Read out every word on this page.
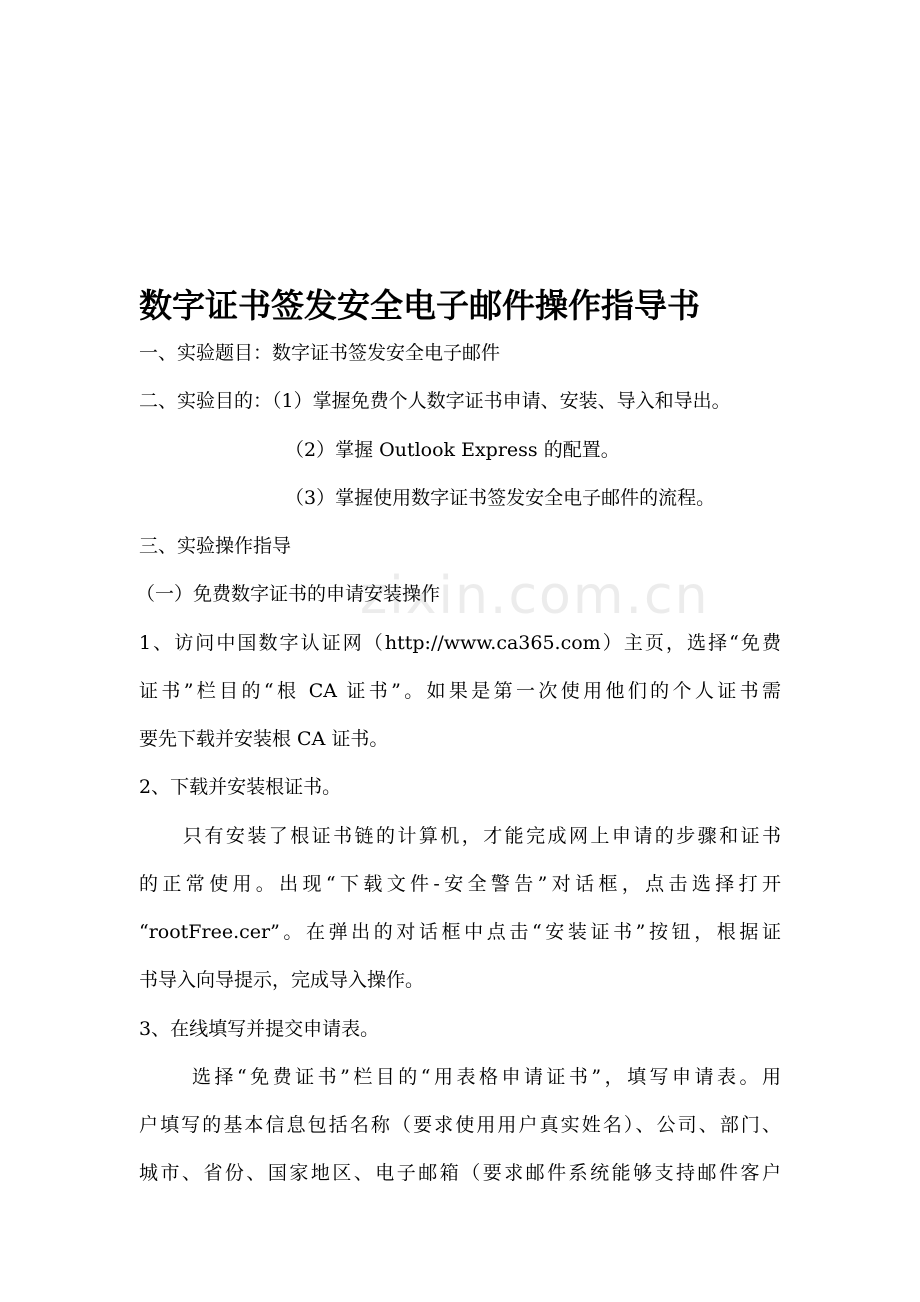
zixin.com.cn
数字证书签发安全电子邮件操作指导书
一、实验题目：数字证书签发安全电子邮件
二、实验目的：（1）掌握免费个人数字证书申请、安装、导入和导出。
（2）掌握 Outlook Express 的配置。
（3）掌握使用数字证书签发安全电子邮件的流程。
三、实验操作指导
（一）免费数字证书的申请安装操作
1、访问中国数字认证网（http://www.ca365.com）主页，选择“免费
证书”栏目的“根 CA 证书”。如果是第一次使用他们的个人证书需
要先下载并安装根 CA 证书。
2、下载并安装根证书。
只有安装了根证书链的计算机，才能完成网上申请的步骤和证书
的正常使用。出现“下载文件-安全警告”对话框，点击选择打开
“rootFree.cer”。在弹出的对话框中点击“安装证书”按钮，根据证
书导入向导提示，完成导入操作。
3、在线填写并提交申请表。
选择“免费证书”栏目的“用表格申请证书”，填写申请表。用
户填写的基本信息包括名称（要求使用用户真实姓名）、公司、部门、
城市、省份、国家地区、电子邮箱（要求邮件系统能够支持邮件客户
